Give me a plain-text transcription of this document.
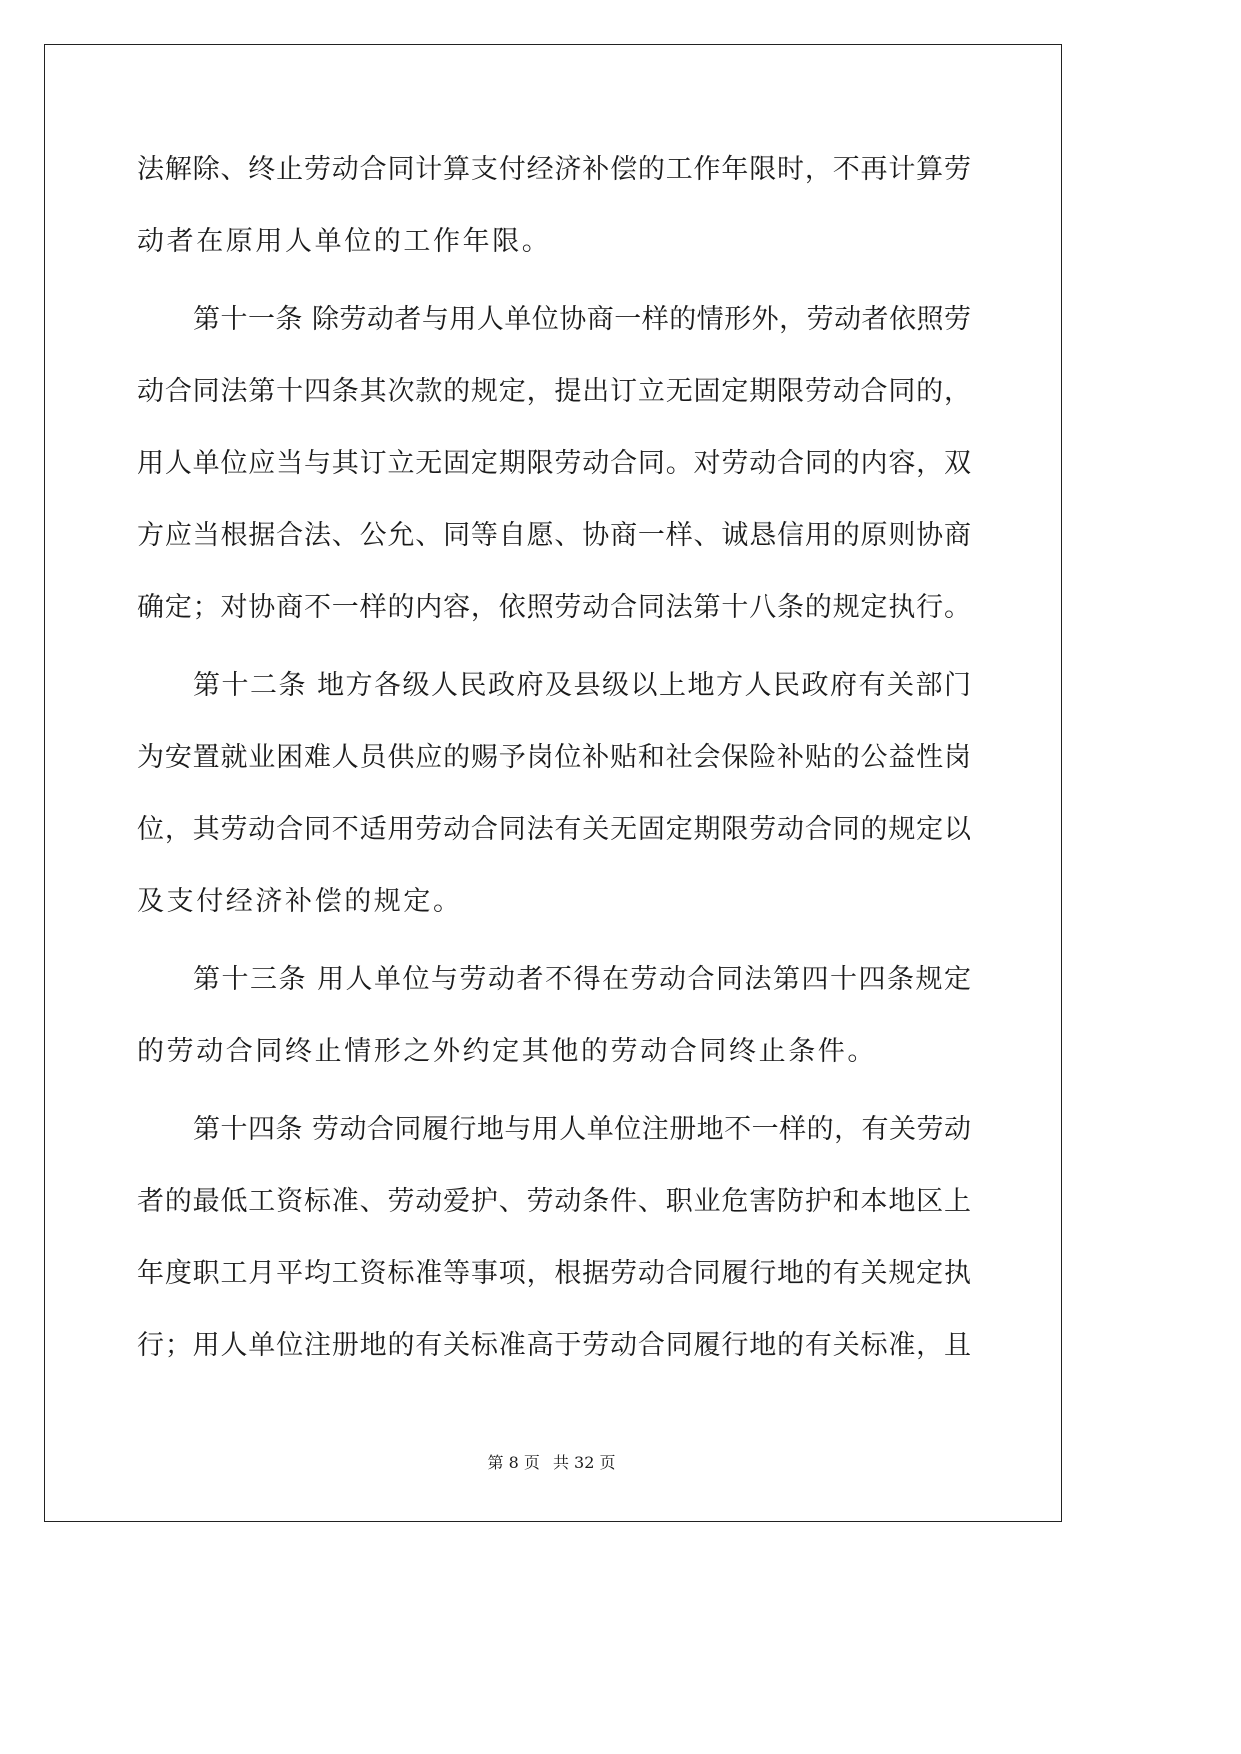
法解除、终止劳动合同计算支付经济补偿的工作年限时，不再计算劳
动者在原用人单位的工作年限。
第十一条 除劳动者与用人单位协商一样的情形外，劳动者依照劳
动合同法第十四条其次款的规定，提出订立无固定期限劳动合同的，
用人单位应当与其订立无固定期限劳动合同。对劳动合同的内容，双
方应当根据合法、公允、同等自愿、协商一样、诚恳信用的原则协商
确定；对协商不一样的内容，依照劳动合同法第十八条的规定执行。
第十二条 地方各级人民政府及县级以上地方人民政府有关部门
为安置就业困难人员供应的赐予岗位补贴和社会保险补贴的公益性岗
位，其劳动合同不适用劳动合同法有关无固定期限劳动合同的规定以
及支付经济补偿的规定。
第十三条 用人单位与劳动者不得在劳动合同法第四十四条规定
的劳动合同终止情形之外约定其他的劳动合同终止条件。
第十四条 劳动合同履行地与用人单位注册地不一样的，有关劳动
者的最低工资标准、劳动爱护、劳动条件、职业危害防护和本地区上
年度职工月平均工资标准等事项，根据劳动合同履行地的有关规定执
行；用人单位注册地的有关标准高于劳动合同履行地的有关标准，且
第 8 页 共 32 页
